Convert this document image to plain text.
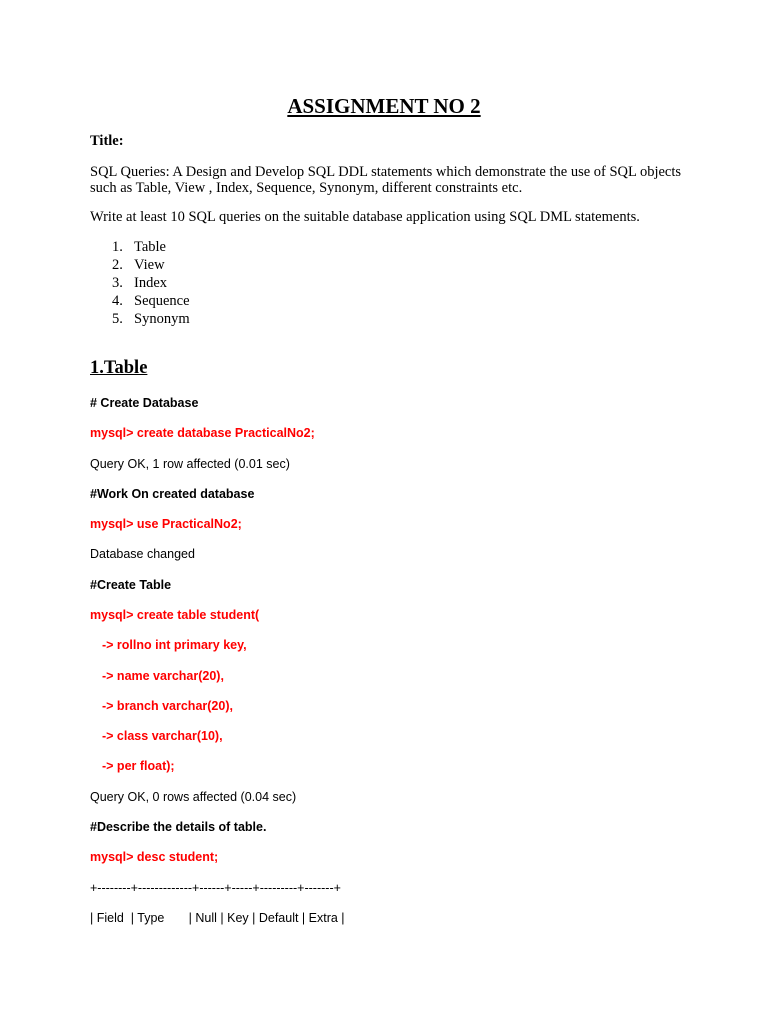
ASSIGNMENT NO 2

Title:

SQL Queries: A Design and Develop SQL DDL statements which demonstrate the use of SQL objects

such as Table, View , Index, Sequence, Synonym, different constraints etc.

Write at least 10 SQL queries on the suitable database application using SQL DML statements.

1. Table
2. View
3. Index
4. Sequence
5. Synonym
1.Table

# Create Database

mysql> create database PracticalNo2;

Query OK, 1 row affected (0.01 sec)

#Work On created database

mysql> use PracticalNo2;

Database changed

#Create Table

mysql> create table student(

-> rollno int primary key,

-> name varchar(20),

-> branch varchar(20),

-> class varchar(10),

-> per float);

Query OK, 0 rows affected (0.04 sec)

#Describe the details of table.

mysql> desc student;

+--------+-------------+------+-----+---------+-------+

| Field  | Type       | Null | Key | Default | Extra |
